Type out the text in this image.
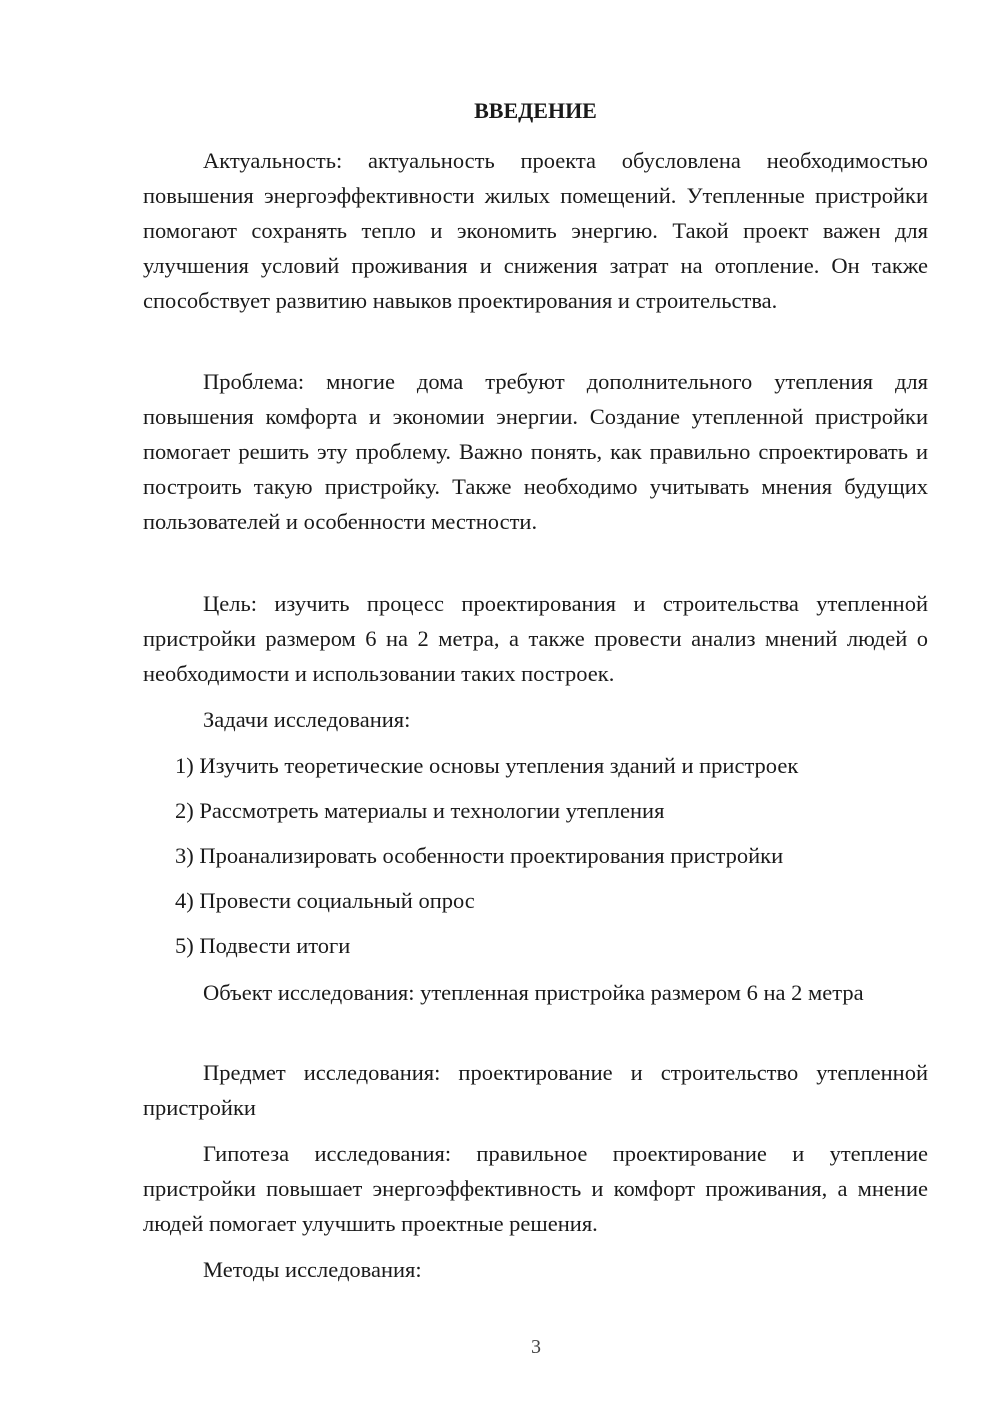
ВВЕДЕНИЕ

Актуальность: актуальность проекта обусловлена необходимостью повышения энергоэффективности жилых помещений. Утепленные пристройки помогают сохранять тепло и экономить энергию. Такой проект важен для улучшения условий проживания и снижения затрат на отопление. Он также способствует развитию навыков проектирования и строительства.

Проблема: многие дома требуют дополнительного утепления для повышения комфорта и экономии энергии. Создание утепленной пристройки помогает решить эту проблему. Важно понять, как правильно спроектировать и построить такую пристройку. Также необходимо учитывать мнения будущих пользователей и особенности местности.

Цель: изучить процесс проектирования и строительства утепленной пристройки размером 6 на 2 метра, а также провести анализ мнений людей о необходимости и использовании таких построек.

Задачи исследования:

1) Изучить теоретические основы утепления зданий и пристроек

2) Рассмотреть материалы и технологии утепления

3) Проанализировать особенности проектирования пристройки

4) Провести социальный опрос

5) Подвести итоги

Объект исследования: утепленная пристройка размером 6 на 2 метра

Предмет исследования: проектирование и строительство утепленной пристройки

Гипотеза исследования: правильное проектирование и утепление пристройки повышает энергоэффективность и комфорт проживания, а мнение людей помогает улучшить проектные решения.

Методы исследования:

3
